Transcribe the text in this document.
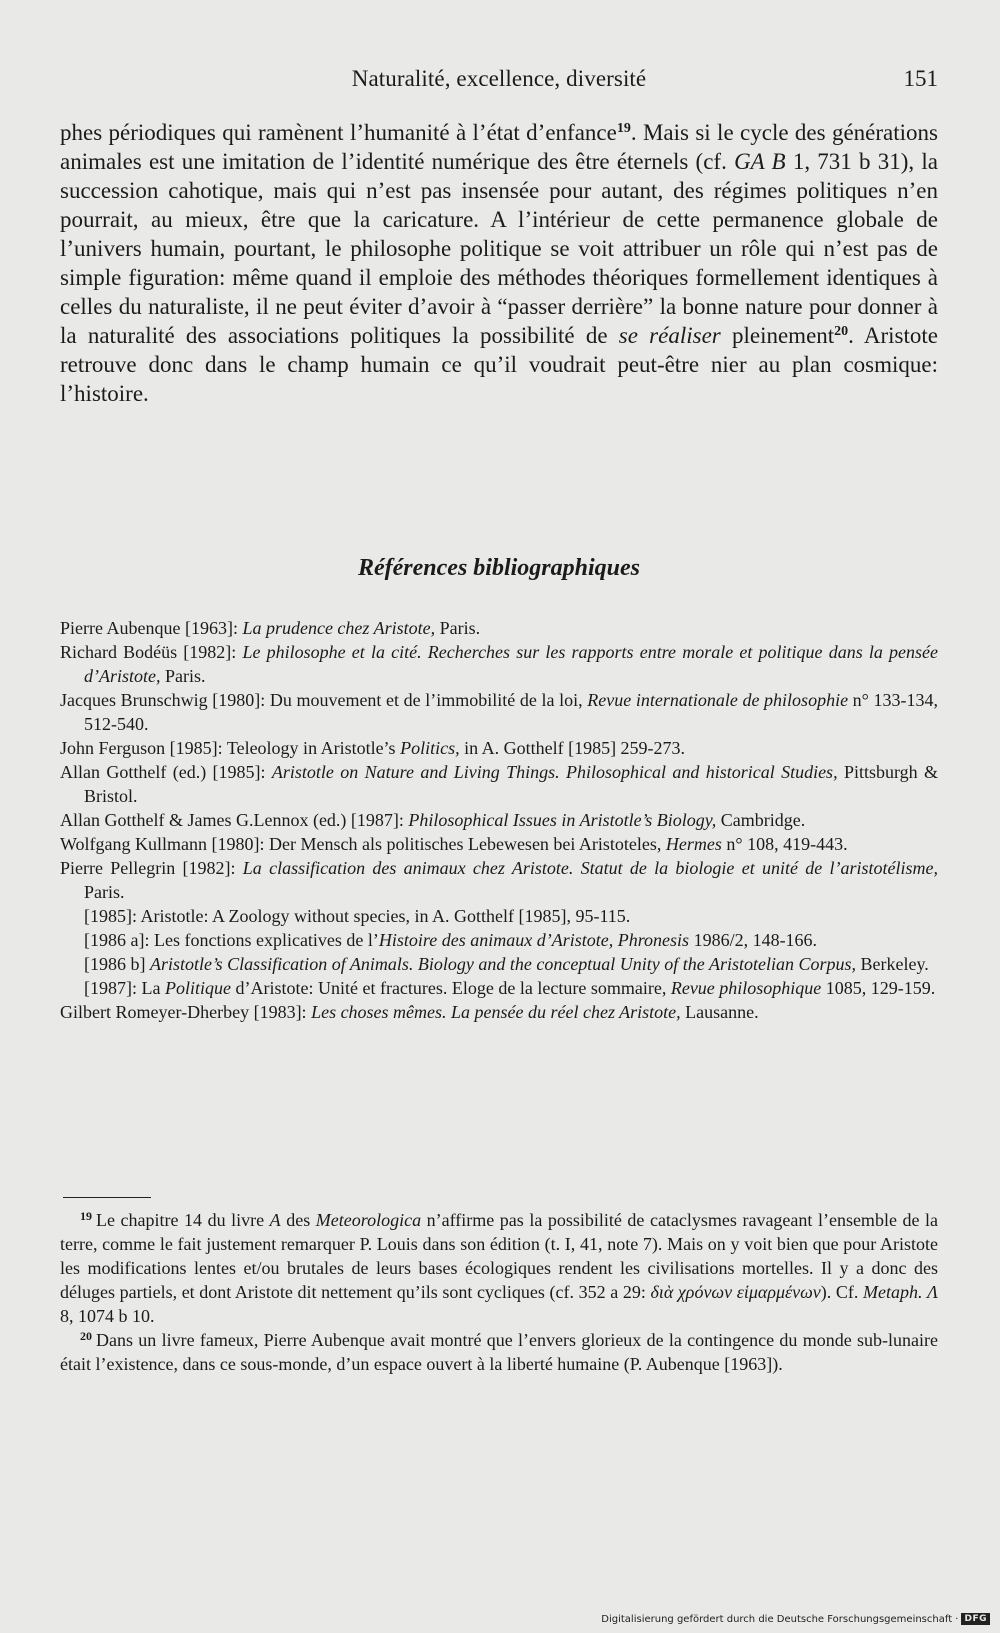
Naturalité, excellence, diversité	151

phes périodiques qui ramènent l’humanité à l’état d’enfance$^{19}$. Mais si le cycle des générations animales est une imitation de l’identité numérique des être éternels (cf. GA B 1, 731 b 31), la succession cahotique, mais qui n’est pas insensée pour autant, des régimes politiques n’en pourrait, au mieux, être que la caricature. A l’intérieur de cette permanence globale de l’univers humain, pourtant, le philosophe politique se voit attribuer un rôle qui n’est pas de simple figuration: même quand il emploie des méthodes théoriques formellement identiques à celles du naturaliste, il ne peut éviter d’avoir à “passer derrière” la bonne nature pour donner à la naturalité des associations politiques la possibilité de se réaliser pleinement$^{20}$. Aristote retrouve donc dans le champ humain ce qu’il voudrait peut-être nier au plan cosmique: l’histoire.

Références bibliographiques
Pierre Aubenque [1963]: La prudence chez Aristote, Paris.
Richard Bodéüs [1982]: Le philosophe et la cité. Recherches sur les rapports entre morale et politique dans la pensée d’Aristote, Paris.
Jacques Brunschwig [1980]: Du mouvement et de l’immobilité de la loi, Revue internationale de philosophie n° 133-134, 512-540.
John Ferguson [1985]: Teleology in Aristotle’s Politics, in A. Gotthelf [1985] 259-273.
Allan Gotthelf (ed.) [1985]: Aristotle on Nature and Living Things. Philosophical and historical Studies, Pittsburgh & Bristol.
Allan Gotthelf & James G.Lennox (ed.) [1987]: Philosophical Issues in Aristotle’s Biology, Cambridge.
Wolfgang Kullmann [1980]: Der Mensch als politisches Lebewesen bei Aristoteles, Hermes n° 108, 419-443.
Pierre Pellegrin [1982]: La classification des animaux chez Aristote. Statut de la biologie et unité de l’aristotélisme, Paris.
[1985]: Aristotle: A Zoology without species, in A. Gotthelf [1985], 95-115.
[1986 a]: Les fonctions explicatives de l’Histoire des animaux d’Aristote, Phronesis 1986/2, 148-166.
[1986 b] Aristotle’s Classification of Animals. Biology and the conceptual Unity of the Aristotelian Corpus, Berkeley.
[1987]: La Politique d’Aristote: Unité et fractures. Eloge de la lecture sommaire, Revue philosophique 1085, 129-159.
Gilbert Romeyer-Dherbey [1983]: Les choses mêmes. La pensée du réel chez Aristote, Lausanne.

$^{19}$ Le chapitre 14 du livre A des Meteorologica n’affirme pas la possibilité de cataclysmes ravageant l’ensemble de la terre, comme le fait justement remarquer P. Louis dans son édition (t. I, 41, note 7). Mais on y voit bien que pour Aristote les modifications lentes et/ou brutales de leurs bases écologiques rendent les civilisations mortelles. Il y a donc des déluges partiels, et dont Aristote dit nettement qu’ils sont cycliques (cf. 352 a 29: διὰ χρόνων εἱμαρμένων). Cf. Metaph. Λ 8, 1074 b 10.

$^{20}$ Dans un livre fameux, Pierre Aubenque avait montré que l’envers glorieux de la contingence du monde sub-lunaire était l’existence, dans ce sous-monde, d’un espace ouvert à la liberté humaine (P. Aubenque [1963]).

Digitalisierung gefördert durch die Deutsche Forschungsgemeinschaft · DFG
